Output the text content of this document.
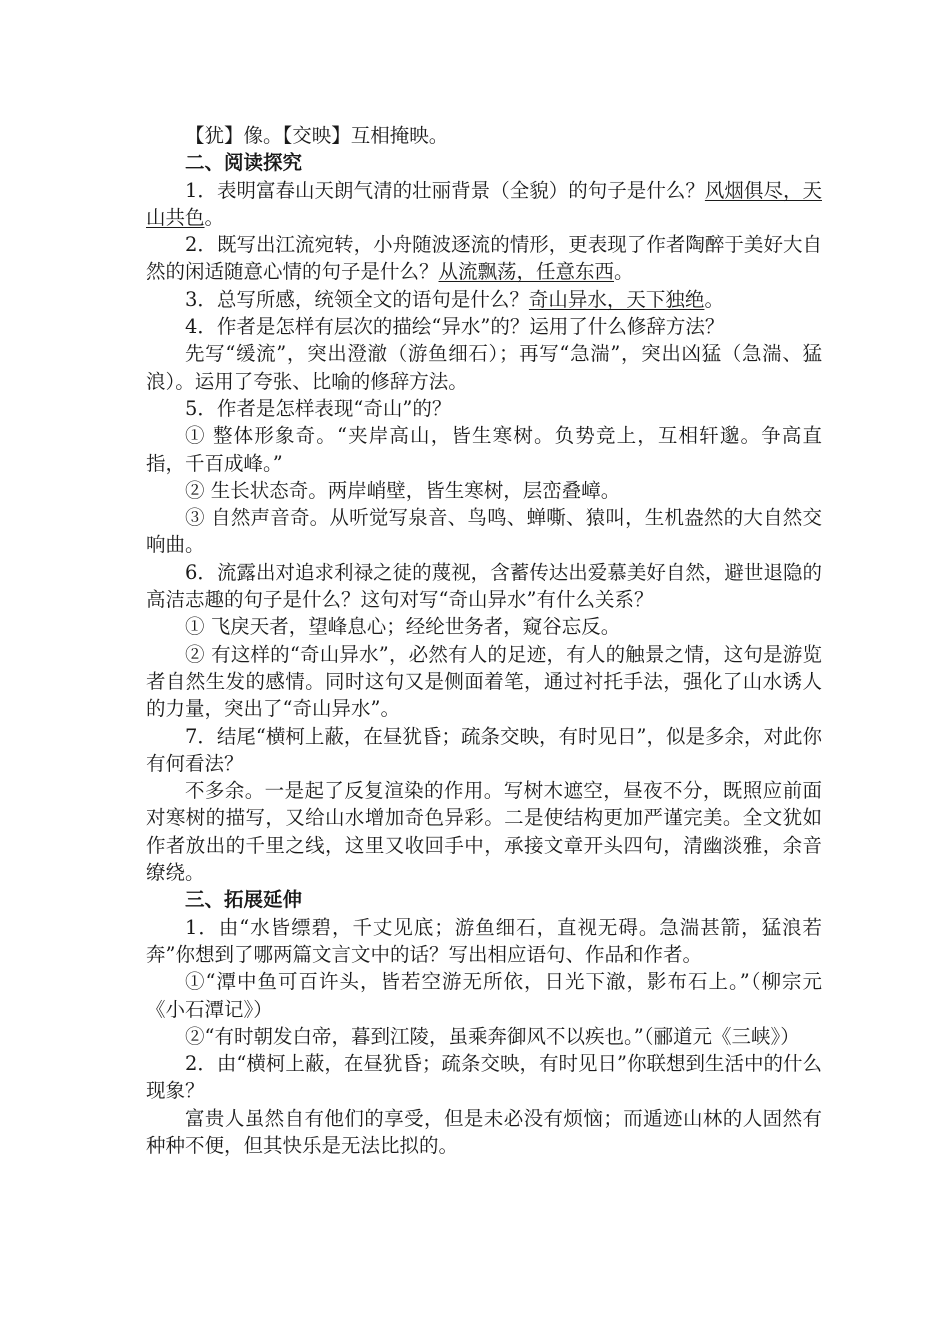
【犹】像。【交映】互相掩映。

二、阅读探究

1．表明富春山天朗气清的壮丽背景（全貌）的句子是什么？风烟俱尽，天山共色。

2．既写出江流宛转，小舟随波逐流的情形，更表现了作者陶醉于美好大自然的闲适随意心情的句子是什么？从流飘荡，任意东西。

3．总写所感，统领全文的语句是什么？奇山异水，天下独绝。

4．作者是怎样有层次的描绘“异水”的？运用了什么修辞方法？

先写“缓流”，突出澄澈（游鱼细石）；再写“急湍”，突出凶猛（急湍、猛浪）。运用了夸张、比喻的修辞方法。

5．作者是怎样表现“奇山”的？

① 整体形象奇。“夹岸高山，皆生寒树。负势竞上，互相轩邈。争高直指，千百成峰。”

② 生长状态奇。两岸峭壁，皆生寒树，层峦叠嶂。

③ 自然声音奇。从听觉写泉音、鸟鸣、蝉嘶、猿叫，生机盎然的大自然交响曲。

6．流露出对追求利禄之徒的蔑视，含蓄传达出爱慕美好自然，避世退隐的高洁志趣的句子是什么？这句对写“奇山异水”有什么关系？

① 飞戾天者，望峰息心；经纶世务者，窥谷忘反。

② 有这样的“奇山异水”，必然有人的足迹，有人的触景之情，这句是游览者自然生发的感情。同时这句又是侧面着笔，通过衬托手法，强化了山水诱人的力量，突出了“奇山异水”。

7．结尾“横柯上蔽，在昼犹昏；疏条交映，有时见日”，似是多余，对此你有何看法？

不多余。一是起了反复渲染的作用。写树木遮空，昼夜不分，既照应前面对寒树的描写，又给山水增加奇色异彩。二是使结构更加严谨完美。全文犹如作者放出的千里之线，这里又收回手中，承接文章开头四句，清幽淡雅，余音缭绕。

三、拓展延伸

1．由“水皆缥碧，千丈见底；游鱼细石，直视无碍。急湍甚箭，猛浪若奔”你想到了哪两篇文言文中的话？写出相应语句、作品和作者。

①“潭中鱼可百许头，皆若空游无所依，日光下澈，影布石上。”（柳宗元《小石潭记》）

②“有时朝发白帝，暮到江陵，虽乘奔御风不以疾也。”（郦道元《三峡》）

2．由“横柯上蔽，在昼犹昏；疏条交映，有时见日”你联想到生活中的什么现象？

富贵人虽然自有他们的享受，但是未必没有烦恼；而遁迹山林的人固然有种种不便，但其快乐是无法比拟的。
